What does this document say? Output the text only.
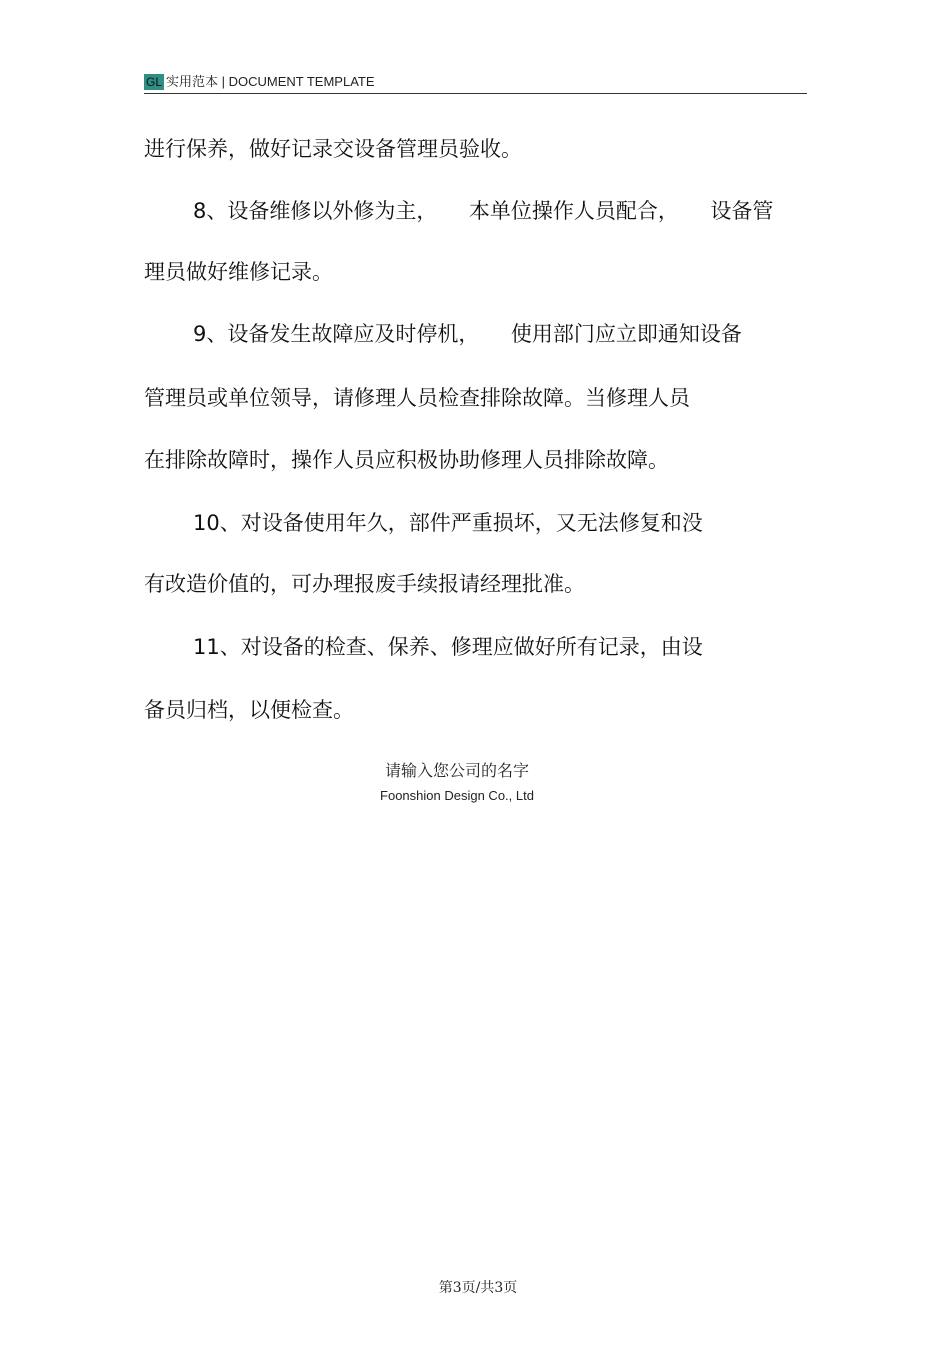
GL 实用范本 | DOCUMENT TEMPLATE
进行保养，做好记录交设备管理员验收。
8、设备维修以外修为主，　　本单位操作人员配合，　　设备管
理员做好维修记录。
9、设备发生故障应及时停机，　　使用部门应立即通知设备
管理员或单位领导，请修理人员检查排除故障。当修理人员
在排除故障时，操作人员应积极协助修理人员排除故障。
10、对设备使用年久，部件严重损坏，又无法修复和没
有改造价值的，可办理报废手续报请经理批准。
11、对设备的检查、保养、修理应做好所有记录，由设
备员归档，以便检查。
请输入您公司的名字
Foonshion Design Co., Ltd
第3页/共3页
